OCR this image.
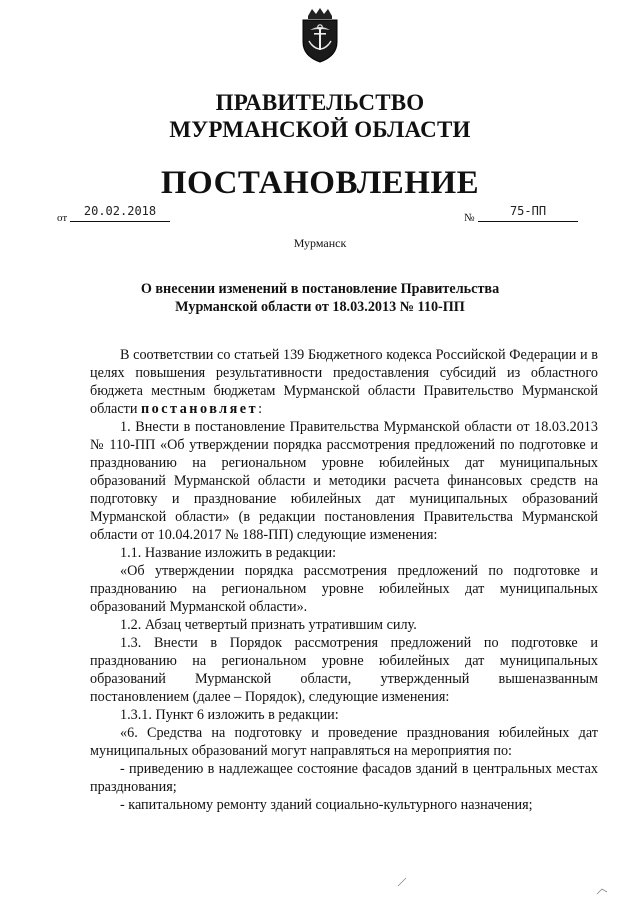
ПРАВИТЕЛЬСТВО
МУРМАНСКОЙ ОБЛАСТИ
ПОСТАНОВЛЕНИЕ
от	20.02.2018	№	75-ПП
Мурманск
О внесении изменений в постановление Правительства
Мурманской области от 18.03.2013 № 110-ПП

В соответствии со статьей 139 Бюджетного кодекса Российской Федерации и в целях повышения результативности предоставления субсидий из областного бюджета местным бюджетам Мурманской области Правительство Мурманской области постановляет:

1. Внести в постановление Правительства Мурманской области от 18.03.2013 № 110-ПП «Об утверждении порядка рассмотрения предложений по подготовке и празднованию на региональном уровне юбилейных дат муниципальных образований Мурманской области и методики расчета финансовых средств на подготовку и празднование юбилейных дат муниципальных образований Мурманской области» (в редакции постановления Правительства Мурманской области от 10.04.2017 № 188-ПП) следующие изменения:

1.1. Название изложить в редакции:

«Об утверждении порядка рассмотрения предложений по подготовке и празднованию на региональном уровне юбилейных дат муниципальных образований Мурманской области».

1.2. Абзац четвертый признать утратившим силу.

1.3. Внести в Порядок рассмотрения предложений по подготовке и празднованию на региональном уровне юбилейных дат муниципальных образований Мурманской области, утвержденный вышеназванным постановлением (далее – Порядок), следующие изменения:

1.3.1. Пункт 6 изложить в редакции:

«6. Средства на подготовку и проведение празднования юбилейных дат муниципальных образований могут направляться на мероприятия по:

- приведению в надлежащее состояние фасадов зданий в центральных местах празднования;

- капитальному ремонту зданий социально-культурного назначения;
